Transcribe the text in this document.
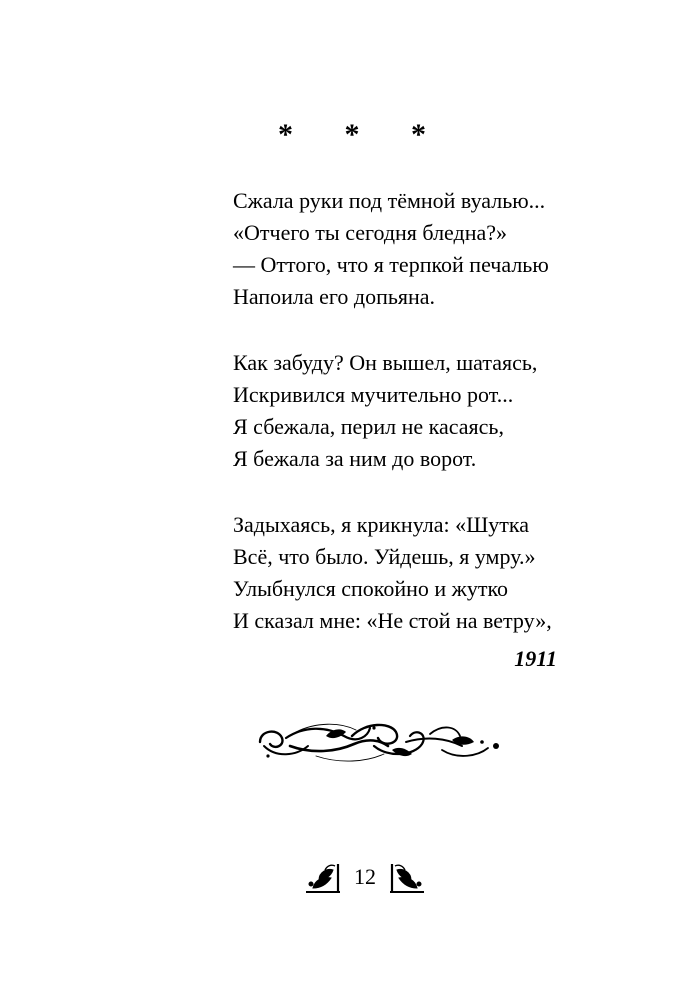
* * *
Сжала руки под тёмной вуалью...
«Отчего ты сегодня бледна?»
— Оттого, что я терпкой печалью
Напоила его допьяна.
Как забуду? Он вышел, шатаясь,
Искривился мучительно рот...
Я сбежала, перил не касаясь,
Я бежала за ним до ворот.
Задыхаясь, я крикнула: «Шутка
Всё, что было. Уйдешь, я умру.»
Улыбнулся спокойно и жутко
И сказал мне: «Не стой на ветру»,
1911
12
